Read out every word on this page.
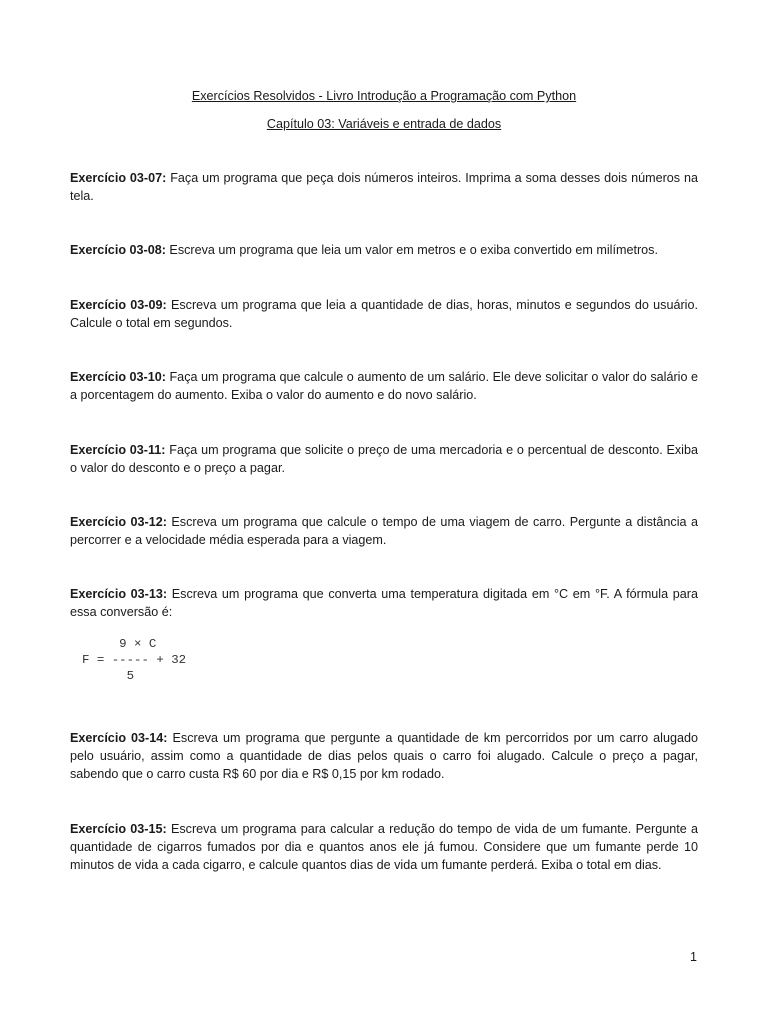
Exercícios Resolvidos - Livro Introdução a Programação com Python
Capítulo 03: Variáveis e entrada de dados

Exercício 03-07: Faça um programa que peça dois números inteiros. Imprima a soma desses dois números na tela.

Exercício 03-08: Escreva um programa que leia um valor em metros e o exiba convertido em milímetros.

Exercício 03-09: Escreva um programa que leia a quantidade de dias, horas, minutos e segundos do usuário. Calcule o total em segundos.

Exercício 03-10: Faça um programa que calcule o aumento de um salário. Ele deve solicitar o valor do salário e a porcentagem do aumento. Exiba o valor do aumento e do novo salário.

Exercício 03-11: Faça um programa que solicite o preço de uma mercadoria e o percentual de desconto. Exiba o valor do desconto e o preço a pagar.

Exercício 03-12: Escreva um programa que calcule o tempo de uma viagem de carro. Pergunte a distância a percorrer e a velocidade média esperada para a viagem.

Exercício 03-13: Escreva um programa que converta uma temperatura digitada em °C em °F. A fórmula para essa conversão é:

9 × C
F = ----- + 32
5

Exercício 03-14: Escreva um programa que pergunte a quantidade de km percorridos por um carro alugado pelo usuário, assim como a quantidade de dias pelos quais o carro foi alugado. Calcule o preço a pagar, sabendo que o carro custa R$ 60 por dia e R$ 0,15 por km rodado.

Exercício 03-15: Escreva um programa para calcular a redução do tempo de vida de um fumante. Pergunte a quantidade de cigarros fumados por dia e quantos anos ele já fumou. Considere que um fumante perde 10 minutos de vida a cada cigarro, e calcule quantos dias de vida um fumante perderá. Exiba o total em dias.

1
